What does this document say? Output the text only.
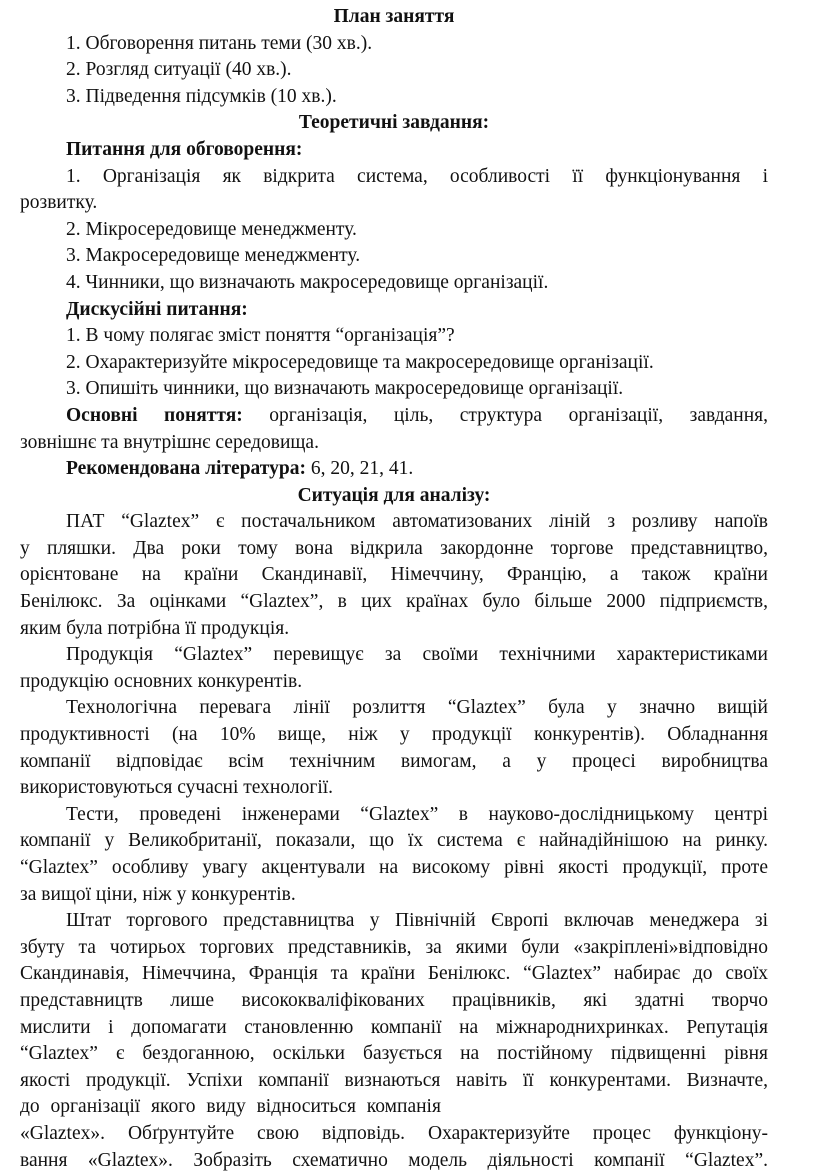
План заняття
1. Обговорення питань теми (30 хв.).
2. Розгляд ситуації (40 хв.).
3. Підведення підсумків (10 хв.).
Теоретичні завдання:
Питання для обговорення:
1. Організація як відкрита система, особливості її функціонування і
розвитку.
2. Мікросередовище менеджменту.
3. Макросередовище менеджменту.
4. Чинники, що визначають макросередовище організації.
Дискусійні питання:
1. В чому полягає зміст поняття “організація”?
2. Охарактеризуйте мікросередовище та макросередовище організації.
3. Опишіть чинники, що визначають макросередовище організації.
Основні поняття: організація, ціль, структура організації, завдання,
зовнішнє та внутрішнє середовища.
Рекомендована література: 6, 20, 21, 41.
Ситуація для аналізу:
ПАТ “Glaztex” є постачальником автоматизованих ліній з розливу напоїв
у пляшки. Два роки тому вона відкрила закордонне торгове представництво,
орієнтоване на країни Скандинавії, Німеччину, Францію, а також країни
Бенілюкс. За оцінками “Glaztex”, в цих країнах було більше 2000 підприємств,
яким була потрібна її продукція.
Продукція “Glaztex” перевищує за своїми технічними характеристиками
продукцію основних конкурентів.
Технологічна перевага лінії розлиття “Glaztex” була у значно вищій
продуктивності (на 10% вище, ніж у продукції конкурентів). Обладнання
компанії відповідає всім технічним вимогам, а у процесі виробництва
використовуються сучасні технології.
Тести, проведені інженерами “Glaztex” в науково-дослідницькому центрі
компанії у Великобританії, показали, що їх система є найнадійнішою на ринку.
“Glaztex” особливу увагу акцентували на високому рівні якості продукції, проте
за вищої ціни, ніж у конкурентів.
Штат торгового представництва у Північній Європі включав менеджера зі
збуту та чотирьох торгових представників, за якими були «закріплені»відповідно
Скандинавія, Німеччина, Франція та країни Бенілюкс. “Glaztex” набирає до своїх
представництв лише висококваліфікованих працівників, які здатні творчо
мислити і допомагати становленню компанії на міжнароднихринках. Репутація
“Glaztex” є бездоганною, оскільки базується на постійному підвищенні рівня
якості продукції. Успіхи компанії визнаються навіть її конкурентами. Визначте,
до організації якого виду відноситься компанія
«Glaztex». Обґрунтуйте свою відповідь. Охарактеризуйте процес функціону-
вання «Glaztex». Зобразіть схематично модель діяльності компанії “Glaztex”.
